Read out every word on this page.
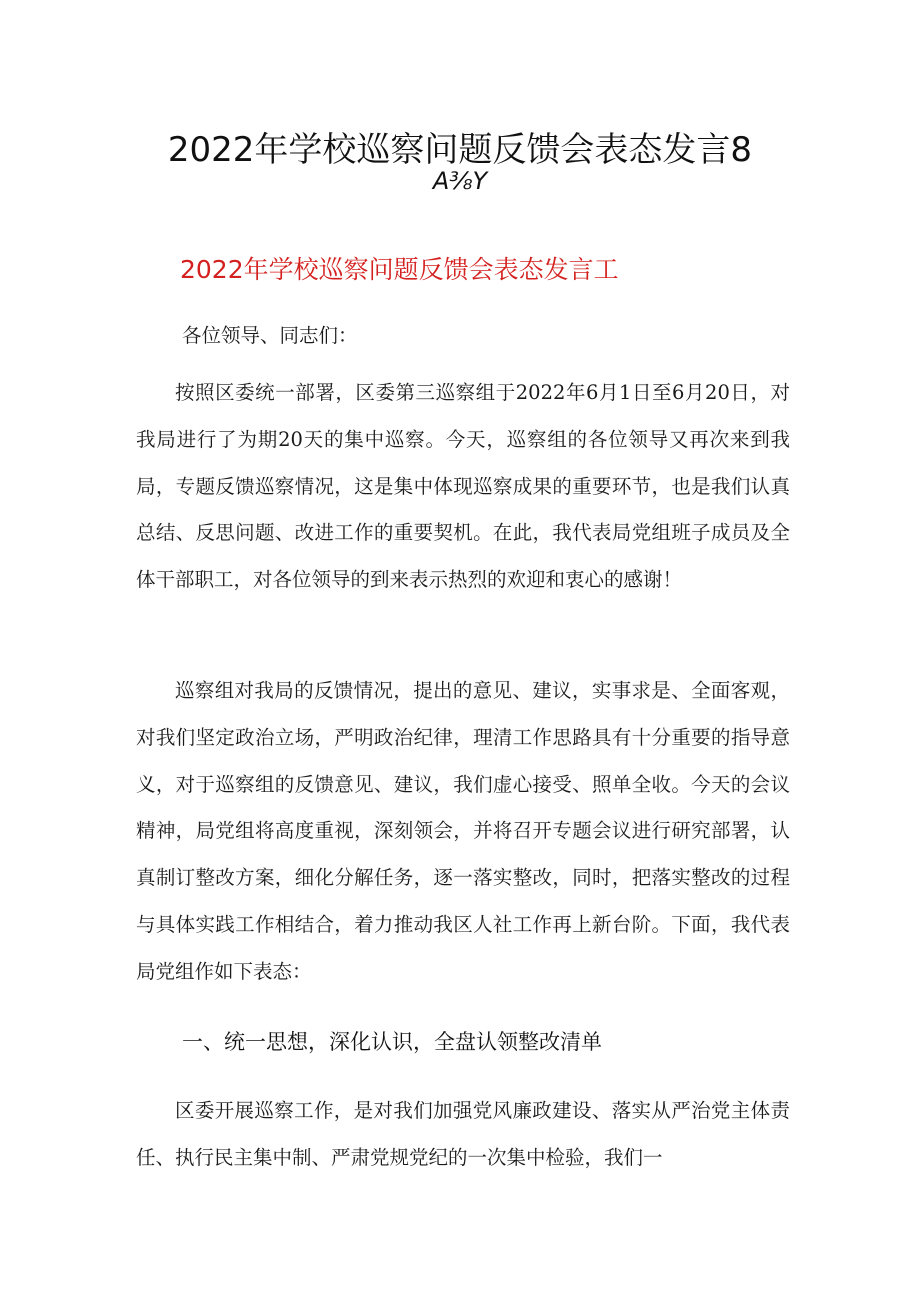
2022年学校巡察问题反馈会表态发言8
A⅜Y
2022年学校巡察问题反馈会表态发言工
各位领导、同志们：

按照区委统一部署，区委第三巡察组于2022年6月1日至6月20日，对我局进行了为期20天的集中巡察。今天，巡察组的各位领导又再次来到我局，专题反馈巡察情况，这是集中体现巡察成果的重要环节，也是我们认真总结、反思问题、改进工作的重要契机。在此，我代表局党组班子成员及全体干部职工，对各位领导的到来表示热烈的欢迎和衷心的感谢！

巡察组对我局的反馈情况，提出的意见、建议，实事求是、全面客观，对我们坚定政治立场，严明政治纪律，理清工作思路具有十分重要的指导意义，对于巡察组的反馈意见、建议，我们虚心接受、照单全收。今天的会议精神，局党组将高度重视，深刻领会，并将召开专题会议进行研究部署，认真制订整改方案，细化分解任务，逐一落实整改，同时，把落实整改的过程与具体实践工作相结合，着力推动我区人社工作再上新台阶。下面，我代表局党组作如下表态：

一、统一思想，深化认识，全盘认领整改清单

区委开展巡察工作，是对我们加强党风廉政建设、落实从严治党主体责任、执行民主集中制、严肃党规党纪的一次集中检验，我们一
